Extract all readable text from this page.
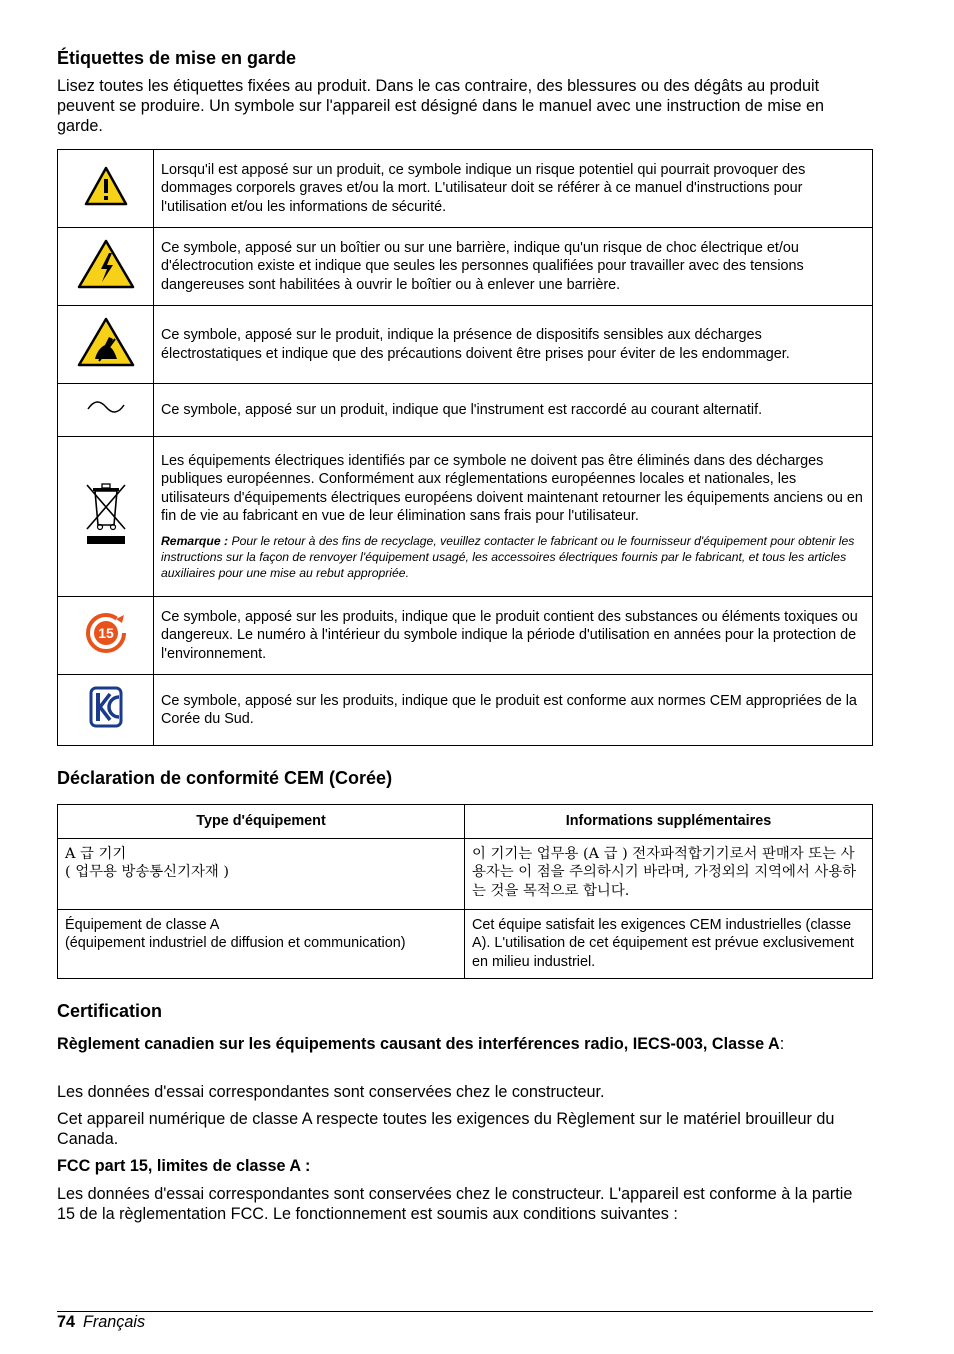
Étiquettes de mise en garde

Lisez toutes les étiquettes fixées au produit. Dans le cas contraire, des blessures ou des dégâts au produit peuvent se produire. Un symbole sur l'appareil est désigné dans le manuel avec une instruction de mise en garde.

	Lorsqu'il est apposé sur un produit, ce symbole indique un risque potentiel qui pourrait provoquer des dommages corporels graves et/ou la mort. L'utilisateur doit se référer à ce manuel d'instructions pour l'utilisation et/ou les informations de sécurité.
	Ce symbole, apposé sur un boîtier ou sur une barrière, indique qu'un risque de choc électrique et/ou d'électrocution existe et indique que seules les personnes qualifiées pour travailler avec des tensions dangereuses sont habilitées à ouvrir le boîtier ou à enlever une barrière.
	Ce symbole, apposé sur le produit, indique la présence de dispositifs sensibles aux décharges électrostatiques et indique que des précautions doivent être prises pour éviter de les endommager.
	Ce symbole, apposé sur un produit, indique que l'instrument est raccordé au courant alternatif.

Les équipements électriques identifiés par ce symbole ne doivent pas être éliminés dans des décharges publiques européennes. Conformément aux réglementations européennes locales et nationales, les utilisateurs d'équipements électriques européens doivent maintenant retourner les équipements anciens ou en fin de vie au fabricant en vue de leur élimination sans frais pour l'utilisateur.
Remarque : Pour le retour à des fins de recyclage, veuillez contacter le fabricant ou le fournisseur d'équipement pour obtenir les instructions sur la façon de renvoyer l'équipement usagé, les accessoires électriques fournis par le fabricant, et tous les articles auxiliaires pour une mise au rebut appropriée.

15	Ce symbole, apposé sur les produits, indique que le produit contient des substances ou éléments toxiques ou dangereux. Le numéro à l'intérieur du symbole indique la période d'utilisation en années pour la protection de l'environnement.
	Ce symbole, apposé sur les produits, indique que le produit est conforme aux normes CEM appropriées de la Corée du Sud.
Déclaration de conformité CEM (Corée)
Type d'équipement	Informations supplémentaires
A 급 기기
( 업무용 방송통신기자재 )	이 기기는 업무용 (A 급 ) 전자파적합기기로서 판매자 또는 사용자는 이 점을 주의하시기 바라며, 가정외의 지역에서 사용하는 것을 목적으로 합니다.
Équipement de classe A
(équipement industriel de diffusion et communication)	Cet équipe satisfait les exigences CEM industrielles (classe A). L'utilisation de cet équipement est prévue exclusivement en milieu industriel.
Certification
Règlement canadien sur les équipements causant des interférences radio, IECS-003, Classe A:

Les données d'essai correspondantes sont conservées chez le constructeur.

Cet appareil numérique de classe A respecte toutes les exigences du Règlement sur le matériel brouilleur du Canada.

FCC part 15, limites de classe A :

Les données d'essai correspondantes sont conservées chez le constructeur. L'appareil est conforme à la partie 15 de la règlementation FCC. Le fonctionnement est soumis aux conditions suivantes :

74 Français
